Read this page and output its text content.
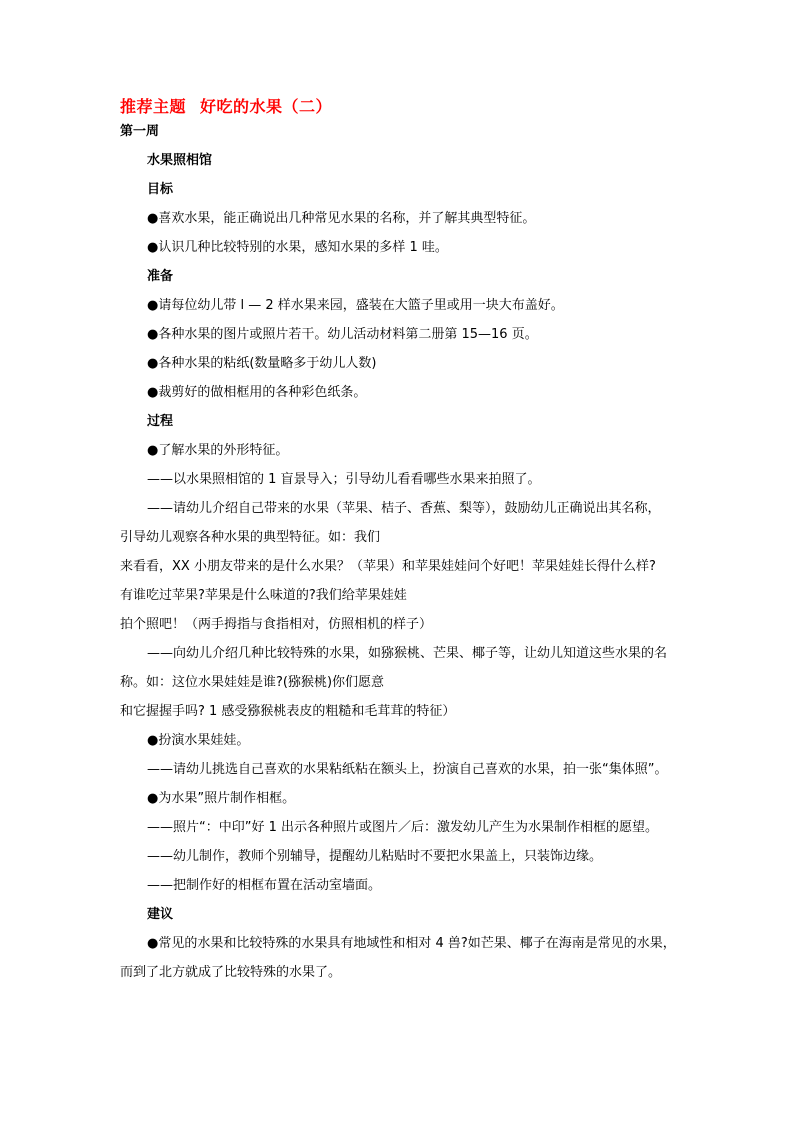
推荐主题 好吃的水果（二）
第一周
水果照相馆
目标
●喜欢水果，能正确说出几种常见水果的名称，并了解其典型特征。
●认识几种比较特别的水果，感知水果的多样 1 哇。
准备
●请每位幼儿带 l — 2 样水果来园，盛装在大篮子里或用一块大布盖好。
●各种水果的图片或照片若干。幼儿活动材料第二册第 15—16 页。
●各种水果的粘纸(数量略多于幼儿人数)
●裁剪好的做相框用的各种彩色纸条。
过程
●了解水果的外形特征。
——以水果照相馆的 1 盲景导入；引导幼儿看看哪些水果来拍照了。
——请幼儿介绍自己带来的水果（苹果、桔子、香蕉、梨等），鼓励幼儿正确说出其名称，
引导幼儿观察各种水果的典型特征。如：我们
来看看，XX 小朋友带来的是什么水果？（苹果）和苹果娃娃问个好吧！苹果娃娃长得什么样?
有谁吃过苹果?苹果是什么味道的?我们给苹果娃娃
拍个照吧！（两手拇指与食指相对，仿照相机的样子）
——向幼儿介绍几种比较特殊的水果，如猕猴桃、芒果、椰子等，让幼儿知道这些水果的名
称。如：这位水果娃娃是谁?(猕猴桃)你们愿意
和它握握手吗? 1 感受猕猴桃表皮的粗糙和毛茸茸的特征）
●扮演水果娃娃。
——请幼儿挑选自己喜欢的水果粘纸粘在额头上，扮演自己喜欢的水果，拍一张“集体照”。
●为水果”照片制作相框。
——照片“：中印”好 1 出示各种照片或图片／后：激发幼儿产生为水果制作相框的愿望。
——幼儿制作，教师个别辅导，提醒幼儿粘贴时不要把水果盖上，只装饰边缘。
——把制作好的相框布置在活动室墙面。
建议
●常见的水果和比较特殊的水果具有地域性和相对 4 兽?如芒果、椰子在海南是常见的水果，
而到了北方就成了比较特殊的水果了。
